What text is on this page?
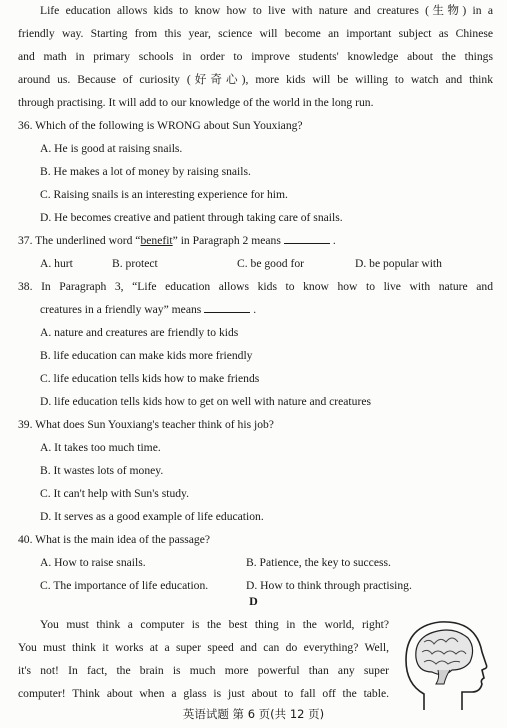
Life education allows kids to know how to live with nature and creatures (生物) in a
friendly way. Starting from this year, science will become an important subject as Chinese
and math in primary schools in order to improve students' knowledge about the things
around us. Because of curiosity (好奇心), more kids will be willing to watch and think
through practising. It will add to our knowledge of the world in the long run.
36. Which of the following is WRONG about Sun Youxiang?
A. He is good at raising snails.
B. He makes a lot of money by raising snails.
C. Raising snails is an interesting experience for him.
D. He becomes creative and patient through taking care of snails.
37. The underlined word “benefit” in Paragraph 2 means	.
A. hurt	B. protect	C. be good for	D. be popular with
38. In Paragraph 3, “Life education allows kids to know how to live with nature and
creatures in a friendly way” means	.
A. nature and creatures are friendly to kids
B. life education can make kids more friendly
C. life education tells kids how to make friends
D. life education tells kids how to get on well with nature and creatures
39. What does Sun Youxiang's teacher think of his job?
A. It takes too much time.
B. It wastes lots of money.
C. It can't help with Sun's study.
D. It serves as a good example of life education.
40. What is the main idea of the passage?
A. How to raise snails.	B. Patience, the key to success.
C. The importance of life education.	D. How to think through practising.
D
You must think a computer is the best thing in the world, right?
You must think it works at a super speed and can do everything? Well,
it's not! In fact, the brain is much more powerful than any super
computer! Think about when a glass is just about to fall off the table.
英语试题 第 6 页(共 12 页)
